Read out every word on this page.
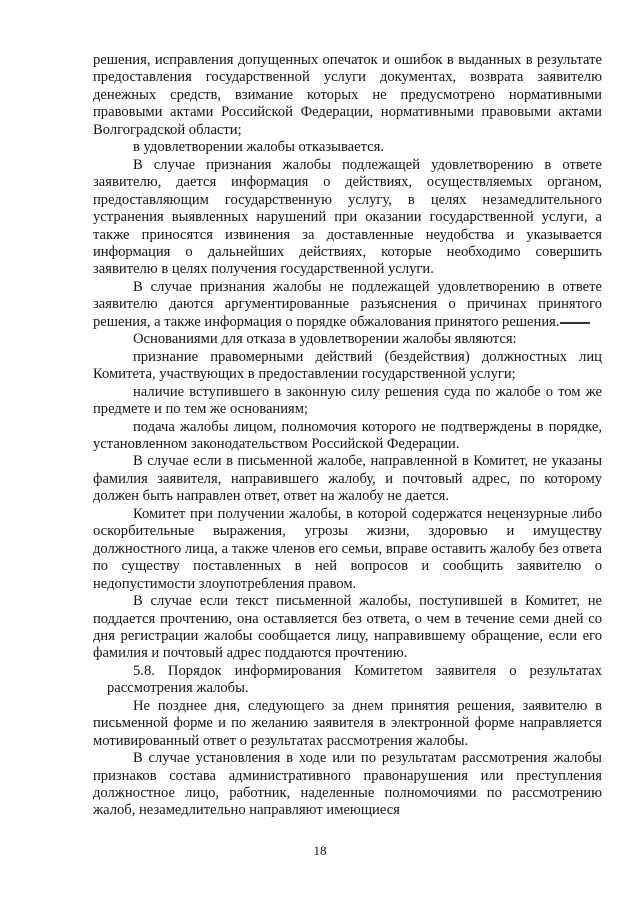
решения, исправления допущенных опечаток и ошибок в выданных в результате предоставления государственной услуги документах, возврата заявителю денежных средств, взимание которых не предусмотрено нормативными правовыми актами Российской Федерации, нормативными правовыми актами Волгоградской области;

в удовлетворении жалобы отказывается.

В случае признания жалобы подлежащей удовлетворению в ответе заявителю, дается информация о действиях, осуществляемых органом, предоставляющим государственную услугу, в целях незамедлительного устранения выявленных нарушений при оказании государственной услуги, а также приносятся извинения за доставленные неудобства и указывается информация о дальнейших действиях, которые необходимо совершить заявителю в целях получения государственной услуги.

В случае признания жалобы не подлежащей удовлетворению в ответе заявителю даются аргументированные разъяснения о причинах принятого решения, а также информация о порядке обжалования принятого решения.

Основаниями для отказа в удовлетворении жалобы являются:

признание правомерными действий (бездействия) должностных лиц Комитета, участвующих в предоставлении государственной услуги;

наличие вступившего в законную силу решения суда по жалобе о том же предмете и по тем же основаниям;

подача жалобы лицом, полномочия которого не подтверждены в порядке, установленном законодательством Российской Федерации.

В случае если в письменной жалобе, направленной в Комитет, не указаны фамилия заявителя, направившего жалобу, и почтовый адрес, по которому должен быть направлен ответ, ответ на жалобу не дается.

Комитет при получении жалобы, в которой содержатся нецензурные либо оскорбительные выражения, угрозы жизни, здоровью и имуществу должностного лица, а также членов его семьи, вправе оставить жалобу без ответа по существу поставленных в ней вопросов и сообщить заявителю о недопустимости злоупотребления правом.

В случае если текст письменной жалобы, поступившей в Комитет, не поддается прочтению, она оставляется без ответа, о чем в течение семи дней со дня регистрации жалобы сообщается лицу, направившему обращение, если его фамилия и почтовый адрес поддаются прочтению.

5.8. Порядок информирования Комитетом заявителя о результатах рассмотрения жалобы.

Не позднее дня, следующего за днем принятия решения, заявителю в письменной форме и по желанию заявителя в электронной форме направляется мотивированный ответ о результатах рассмотрения жалобы.

В случае установления в ходе или по результатам рассмотрения жалобы признаков состава административного правонарушения или преступления должностное лицо, работник, наделенные полномочиями по рассмотрению жалоб, незамедлительно направляют имеющиеся

18
